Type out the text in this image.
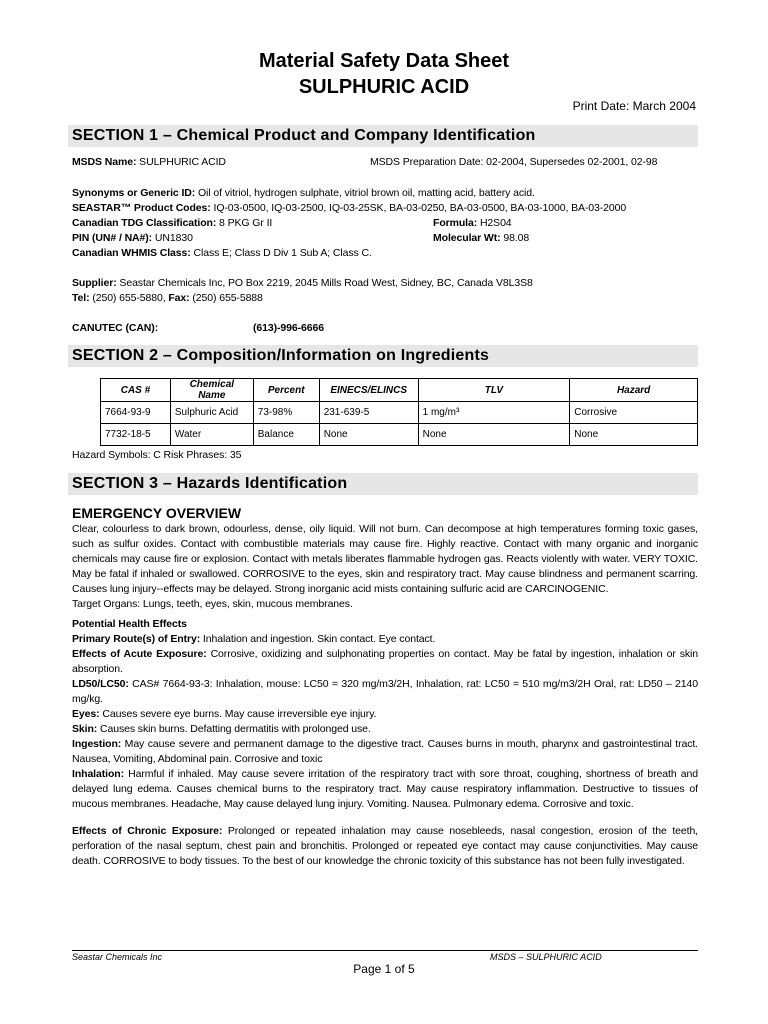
Material Safety Data Sheet
SULPHURIC ACID
Print Date: March 2004
SECTION 1 – Chemical Product and Company Identification
MSDS Name: SULPHURIC ACID	MSDS Preparation Date: 02-2004, Supersedes 02-2001, 02-98
Synonyms or Generic ID: Oil of vitriol, hydrogen sulphate, vitriol brown oil, matting acid, battery acid.
SEASTAR™ Product Codes: IQ-03-0500, IQ-03-2500, IQ-03-25SK, BA-03-0250, BA-03-0500, BA-03-1000, BA-03-2000
Canadian TDG Classification: 8 PKG Gr II	Formula: H2S04
PIN (UN# / NA#): UN1830	Molecular Wt: 98.08
Canadian WHMIS Class: Class E; Class D Div 1 Sub A; Class C.
Supplier: Seastar Chemicals Inc, PO Box 2219, 2045 Mills Road West, Sidney, BC, Canada V8L3S8
Tel: (250) 655-5880, Fax: (250) 655-5888
CANUTEC (CAN):	(613)-996-6666
SECTION 2 – Composition/Information on Ingredients
CAS #	Chemical Name	Percent	EINECS/ELINCS	TLV	Hazard
7664-93-9	Sulphuric Acid	73-98%	231-639-5	1 mg/m³	Corrosive
7732-18-5	Water	Balance	None	None	None
Hazard Symbols: C Risk Phrases: 35
SECTION 3 – Hazards Identification
EMERGENCY OVERVIEW
Clear, colourless to dark brown, odourless, dense, oily liquid. Will not burn. Can decompose at high temperatures forming toxic gases, such as sulfur oxides. Contact with combustible materials may cause fire. Highly reactive. Contact with many organic and inorganic chemicals may cause fire or explosion. Contact with metals liberates flammable hydrogen gas. Reacts violently with water. VERY TOXIC. May be fatal if inhaled or swallowed. CORROSIVE to the eyes, skin and respiratory tract. May cause blindness and permanent scarring. Causes lung injury--effects may be delayed. Strong inorganic acid mists containing sulfuric acid are CARCINOGENIC.
Target Organs: Lungs, teeth, eyes, skin, mucous membranes.
Potential Health Effects
Primary Route(s) of Entry: Inhalation and ingestion. Skin contact. Eye contact.
Effects of Acute Exposure: Corrosive, oxidizing and sulphonating properties on contact. May be fatal by ingestion, inhalation or skin absorption.
LD50/LC50: CAS# 7664-93-3: Inhalation, mouse: LC50 = 320 mg/m3/2H, Inhalation, rat: LC50 = 510 mg/m3/2H Oral, rat: LD50 – 2140 mg/kg.
Eyes: Causes severe eye burns. May cause irreversible eye injury.
Skin: Causes skin burns. Defatting dermatitis with prolonged use.
Ingestion: May cause severe and permanent damage to the digestive tract. Causes burns in mouth, pharynx and gastrointestinal tract. Nausea, Vomiting, Abdominal pain. Corrosive and toxic
Inhalation: Harmful if inhaled. May cause severe irritation of the respiratory tract with sore throat, coughing, shortness of breath and delayed lung edema. Causes chemical burns to the respiratory tract. May cause respiratory inflammation. Destructive to tissues of mucous membranes. Headache, May cause delayed lung injury. Vomiting. Nausea. Pulmonary edema. Corrosive and toxic.
Effects of Chronic Exposure: Prolonged or repeated inhalation may cause nosebleeds, nasal congestion, erosion of the teeth, perforation of the nasal septum, chest pain and bronchitis. Prolonged or repeated eye contact may cause conjunctivities. May cause death. CORROSIVE to body tissues. To the best of our knowledge the chronic toxicity of this substance has not been fully investigated.
Seastar Chemicals Inc	MSDS – SULPHURIC ACID
Page 1 of 5
